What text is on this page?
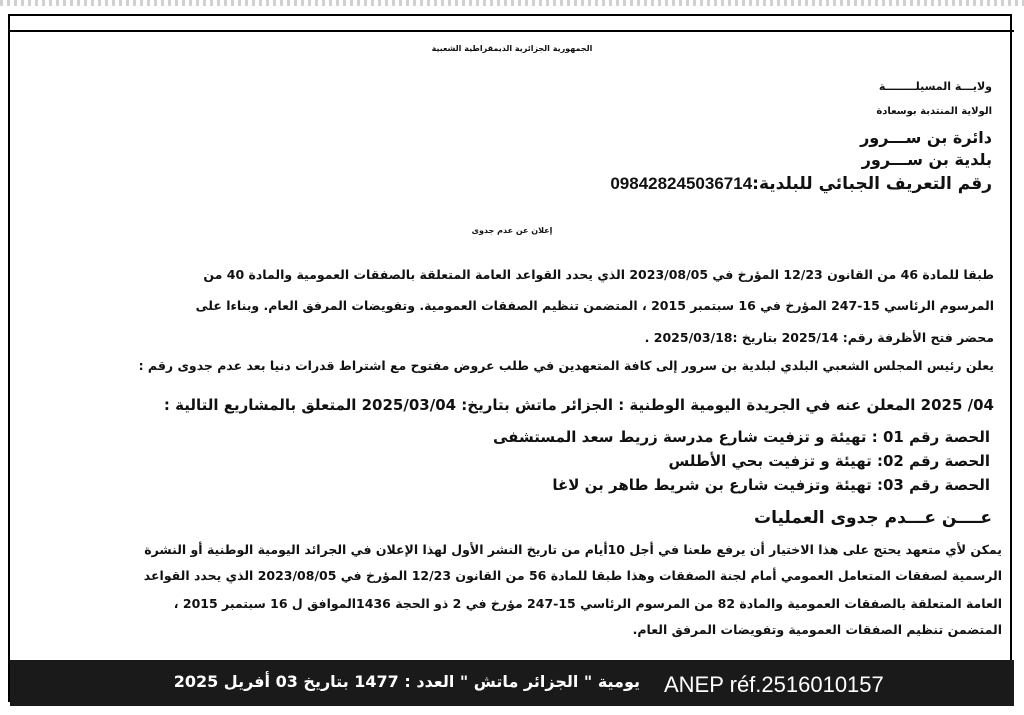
الجمهورية الجزائرية الديمقراطية الشعبية
ولايـــة المسيلــــــــة
الولاية المنتدبة بوسعادة
دائرة بن ســـرور
بلدية بن ســـرور
رقم التعريف الجبائي للبلدية:098428245036714
إعلان عن عدم جدوى
طبقا للمادة 46 من القانون 12/23 المؤرخ في 2023/08/05 الذي يحدد القواعد العامة المتعلقة بالصفقات العمومية والمادة 40 من
المرسوم الرئاسي 15-247 المؤرخ في 16 سبتمبر 2015 ، المتضمن تنظيم الصفقات العمومية. وتفويضات المرفق العام. وبناءا على
محضر فتح الأظرفة رقم: 2025/14 بتاريخ :2025/03/18 .
يعلن رئيس المجلس الشعبي البلدي لبلدية بن سرور إلى كافة المتعهدين في طلب عروض مفتوح مع اشتراط قدرات دنيا بعد عدم جدوى رقم :
04/ 2025 المعلن عنه في الجريدة اليومية الوطنية : الجزائر ماتش بتاريخ: 2025/03/04 المتعلق بالمشاريع التالية :
الحصة رقم 01 : تهيئة و تزفيت شارع مدرسة زريط سعد المستشفى
الحصة رقم 02: تهيئة و تزفيت بحي الأطلس
الحصة رقم 03: تهيئة وتزفيت شارع بن شريط طاهر بن لاغا
عــــن عـــدم جدوى العمليات
يمكن لأي متعهد يحتج على هذا الاختيار أن يرفع طعنا في أجل 10أيام من تاريخ النشر الأول لهذا الإعلان في الجرائد اليومية الوطنية أو النشرة
الرسمية لصفقات المتعامل العمومي أمام لجنة الصفقات وهذا طبقا للمادة 56 من القانون 12/23 المؤرخ في 2023/08/05 الذي يحدد القواعد
العامة المتعلقة بالصفقات العمومية والمادة 82 من المرسوم الرئاسي 15-247 مؤرخ في 2 ذو الحجة 1436الموافق ل 16 سبتمبر 2015 ،
المتضمن تنظيم الصفقات العمومية وتفويضات المرفق العام.
ANEP réf.2516010157
يومية " الجزائر ماتش " العدد : 1477 بتاريخ 03 أفريل 2025
